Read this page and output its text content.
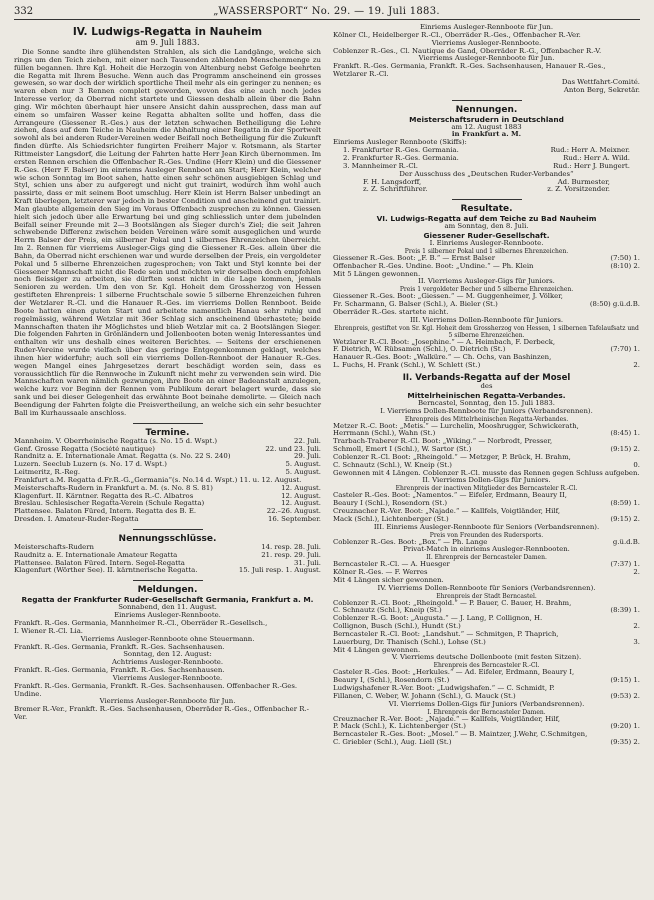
332	„WASSERSPORT“ No. 29. — 19. Juli 1883.
IV. Ludwigs-Regatta in Nauheim
am 9. Juli 1883.

Die Sonne sandte ihre glühendsten Strahlen, als sich die Landgänge, welche sich rings um den Teich ziehen, mit einer nach Tausenden zählenden Menschenmenge zu füllen begannen. Ihre Kgl. Hoheit die Herzogin von Altenburg nebst Gefolge beehrten die Regatta mit Ihrem Besuche. Wenn auch das Programm anscheinend ein grosses gewesen, so war doch der wirklich sportliche Theil mehr als ein geringer zu nennen; es waren eben nur 3 Rennen complett geworden, wovon das eine auch noch jedes Interesse verlor, da Oberrad nicht startete und Giessen deshalb allein über die Bahn ging. Wir möchten überhaupt hier unsere Ansicht dahin aussprechen, dass man auf einem so umfairen Wasser keine Regatta abhalten sollte und hoffen, dass die Arrangeure (Giessener R.-Ges.) aus der letzten schwachen Betheiligung die Lehre ziehen, dass auf dem Teiche in Nauheim die Abhaltung einer Regatta in der Sportwelt sowohl als bei anderen Ruder-Vereinen weder Beifall noch Betheiligung für die Zukunft finden dürfte. Als Schiedsrichter fungirten Freiherr Major v. Rotsmann, als Starter Rittmeister Langsdorf, die Leitung der Fahrten hatte Herr Jean Kirch übernommen. Im ersten Rennen erschien die Offenbacher R.-Ges. Undine (Herr Klein) und die Giessener R.-Ges. (Herr F. Balser) im einriems Ausleger Rennboot am Start; Herr Klein, welcher wie schon Sonntag im Boot sahen, hatte einen sehr schönen ausgiebigen Schlag und Styl, schien uns aber zu aufgeregt und nicht gut trainirt, wodurch ihm wohl auch passirte, dass er mit seinem Boot umschlug. Herr Klein ist Herrn Balser unbedingt an Kraft überlegen, letzterer war jedoch in bester Condition und anscheinend gut trainirt. Man glaubte allgemein den Sieg im Voraus Offenbach zusprechen zu können. Giessen hielt sich jedoch über alle Erwartung bei und ging schliesslich unter dem jubelnden Beifall seiner Freunde mit 2—3 Bootslängen als Sieger durch's Ziel; die seit Jahren schwebende Differenz zwischen beiden Vereinen wäre somit ausgeglichen und wurde Herrn Balser der Preis, ein silberner Pokal und 1 silbernes Ehrenzeichen überreicht. Im 2. Rennen für vierriems Ausleger-Gigs ging die Giessener R.-Ges. allein über die Bahn, da Oberrad nicht erschienen war und wurde derselben der Preis, ein vergoldeter Pokal und 5 silberne Ehrenzeichen zugesprochen; von Takt und Styl konnte bei der Giessener Mannschaft nicht die Rede sein und möchten wir derselben doch empfohlen noch fleissiger zu arbeiten, sie dürften sonst nicht in die Lage kommen, jemals Senioren zu werden. Um den von Sr. Kgl. Hoheit dem Grossherzog von Hessen gestifteten Ehrenpreis: 1 silberne Fruchtschale sowie 5 silberne Ehrenzeichen fuhren der Wetzlarer R.-Cl. und die Hanauer R.-Ges. im vierriems Dollen Rennboot. Beide Boote hatten einen guten Start und arbeitete namentlich Hanau sehr ruhig und regelmässig, während Wetzlar mit 36er Schlag sich anscheinend überhastete; beide Mannschaften thaten ihr Möglichstes und blieb Wetzlar mit ca. 2 Bootslängen Sieger. Die folgenden Fahrten in Grönländern und Jollenbooten boten wenig Interessantes und enthalten wir uns deshalb eines weiteren Berichtes. — Seitens der erschienenen Ruder-Vereine wurde vielfach über das geringe Entgegenkommen geklagt, welches ihnen hier widerfuhr; auch soll ein vierriems Dollen-Rennboot der Hanauer R.-Ges. wegen Mangel eines Jahrgesetzes derart beschädigt worden sein, dass es voraussichtlich für die Rennwoche in Zukunft nicht mehr zu verwenden sein wird. Die Mannschaften waren nämlich gezwungen, ihre Boote an einer Badeanstalt anzulegen, welche kurz vor Beginn der Rennen vom Publikum derart belagert wurde, dass sie sank und bei dieser Gelegenheit das erwähnte Boot beinahe demolirte. — Gleich nach Beendigung der Fahrten folgte die Preisvertheilung, an welche sich ein sehr besuchter Ball im Kurhaussaale anschloss.

Termine.
Mannheim. V. Oberrheinische Regatta (s. No. 15 d. Wspt.)	22. Juli.
Genf. Grosse Regatta (Société nautique)	22. und 23. Juli.
Randnitz a. E. Internationale Amat. Regatta (s. No. 22 S. 240)	29. Juli.
Luzern. Seeclub Luzern (s. No. 17 d. Wspt.)	5. August.
Leitmeritz, R.-Reg.	5. August.
Frankfurt a.M. Regatta d.Fr.R.-G.„Germania“(s. No.14 d. Wspt.) 11. u. 12. August.
Meisterschafts-Rudern in Frankfurt a. M. (s. No. 8 S. 81)	12. August.
Klagenfurt. II. Kärntner. Regatta des R.-C. Albatros	12. August.
Breslau. Schlesischer Regatta-Verein (Schule Regatta)	12. August.
Plattensee. Balaton Füred, Intern. Regatta des B. E.	22.–26. August.
Dresden. I. Amateur-Ruder-Regatta	16. September.
Nennungsschlüsse.
Meisterschafts-Rudern	14. resp. 28. Juli.
Raudnitz a. E. Internationale Amateur Regatta	21. resp. 29. Juli.
Plattensee. Balaton Füred. Intern. Segel-Regatta	31. Juli.
Klagenfurt (Wörther See). II. kärntnerische Regatta.	15. Juli resp. 1. August.
Meldungen.
Regatta der Frankfurter Ruder-Gesellschaft Germania, Frankfurt a. M.
Sonnabend, den 11. August.
Einriems Ausleger-Rennboote.
Frankft. R.-Ges. Germania, Mannheimer R.-Cl., Oberräder R.-Gesellsch.,
I. Wiener R.-Cl. Lia.
Vierriems Ausleger-Rennboote ohne Steuermann.
Frankft. R.-Ges. Germania, Frankft. R.-Ges. Sachsenhausen.
Sonntag, den 12. August:
Achtriems Ausleger-Rennboote.
Frankft. R.-Ges. Germania, Frankft. R.-Ges. Sachsenhausen.
Vierriems Ausleger-Rennboote.
Frankft. R.-Ges. Germania, Frankft. R.-Ges. Sachsenhausen. Offenbacher R.-Ges. Undine.
Vierriems Ausleger-Rennboote für Jun.
Bremer R.-Ver., Frankft. R.-Ges. Sachsenhausen, Oberräder R.-Ges., Offenbacher R.-Ver.
Einriems Ausleger-Rennboote für Jun.
Kölner Cl., Heidelberger R.-Cl., Oberräder R.-Ges., Offenbacher R.-Ver.
Vierriems Ausleger-Rennboote.
Coblenzer R.-Ges., Cl. Nautique de Gand, Oberräder R.-G., Offenbacher R.-V.
Vierriems Ausleger-Rennboote für Jun.
Frankft. R.-Ges. Germania, Frankft. R.-Ges. Sachsenhausen, Hanauer R.-Ges., Wetzlarer R.-Cl.
Das Wettfahrt-Comité.
Anton Berg, Sekretär.
Nennungen.
Meisterschaftsrudern in Deutschland
am 12. August 1883
in Frankfurt a. M.
Einriems Ausleger Rennboote (Skiffs):
1. Frankfurter R.-Ges. Germania.	Rud.: Herr A. Meixner.
2. Frankfurter R.-Ges. Germania.	Rud.: Herr A. Wild.
3. Mannheimer R.-Cl.	Rud.: Herr J. Bungert.
Der Ausschuss des „Deutschen Ruder-Verbandes“
F. H. Langsdorff,	Ad. Burmester,
z. Z. Schriftführer.	z. Z. Vorsitzender.
Resultate.
VI. Ludwigs-Regatta auf dem Teiche zu Bad Nauheim
am Sonntag, den 8. Juli.
Giessener Ruder-Gesellschaft.
I. Einriems Ausleger-Rennboote.
Preis 1 silberner Pokal und 1 silbernes Ehrenzeichen.
Giessener R.-Ges. Boot: „F. B.“ — Ernst Balser	(7:50) 1.
Offenbacher R.-Ges. Undine. Boot: „Undine.“ — Ph. Klein	(8:10) 2.
Mit 5 Längen gewonnen.
II. Vierriems Ausleger-Gigs für Juniors.
Preis 1 vergoldeter Becher und 5 silberne Ehrenzeichen.
Giessener R.-Ges. Boot: „Giessen.“ — M. Guggenheimer, J. Völker,
Fr. Scharmann, G. Balser (Schl.), A. Bieler (St.)	(8:50) g.ü.d.B.
Oberräder R.-Ges. startete nicht.
III. Vierriems Dollen-Rennboote für Juniors.
Ehrenpreis, gestiftet von Sr. Kgl. Hoheit dem Grossherzog von Hessen, 1 silbernen Tafelaufsatz und 5 silberne Ehrenzeichen.
Wetzlarer R.-Cl. Boot: „Josephine.“ — A. Heimbach, F. Derbeck,
F. Dietrich, W. Rübsamen (Schl.), O. Dietrich (St.)	(7:70) 1.
Hanauer R.-Ges. Boot: „Walküre.“ — Ch. Ochs, van Bashinzen,
L. Fuchs, H. Frank (Schl.), W. Schlett (St.)	2.
II. Verbands-Regatta auf der Mosel
des
Mittelrheinischen Regatta-Verbandes.
Berncastel, Sonntag, den 15. Juli 1883.
I. Vierriems Dollen-Rennboote für Juniors (Verbandsrennen).
Ehrenpreis des Mittelrheinischen Regatta-Verbandes.
Metzer R.-C. Boot: „Metis.“ — Lurchelin, Mooshrugger, Schwickerath,
Herrmann (Schl.), Wahn (St.)	(8:45) 1.
Trarbach-Traberer R.-Cl. Boot: „Wiking.“ — Norbrodt, Presser,
Schmoll, Emert I (Schl.), W. Sartor (St.)	(9:15) 2.
Coblenzer R.-Cl. Boot: „Rheingold.“ — Metzger, P. Brück, H. Brahm,
C. Schnautz (Schl.), W. Kneip (St.)	0.
Gewonnen mit 4 Längen. Coblenzer R.-Cl. musste das Rennen gegen Schluss aufgeben.
II. Vierriems Dollen-Gigs für Juniors.
Ehrenpreis der inactiven Mitglieder des Berncasteler R.-Cl.
Casteler R.-Ges. Boot: „Namentos.“ — Eifeler, Erdmann, Beaury II,
Beaury I (Schl.), Rosendorn (St.)	(8:59) 1.
Creuznacher R.-Ver. Boot: „Najade.“ — Kallfels, Voigtländer, Hilf,
Mack (Schl.), Lichtenberger (St.)	(9:15) 2.
III. Einriems Ausleger-Rennboote für Seniors (Verbandsrennen).
Preis von Freunden des Rudersports.
Coblenzer R.-Ges. Boot: „Box.“ — Ph. Lange	g.ü.d.B.
Privat-Match in einriems Ausleger-Rennbooten.
II. Ehrenpreis der Berncasteler Damen.
Berncasteler R.-Cl. — A. Huesger	(7:37) 1.
Kölner R.-Ges. — F. Werres	2.
Mit 4 Längen sicher gewonnen.
IV. Vierriems Dollen-Rennboote für Seniors (Verbandsrennen).
Ehrenpreis der Stadt Berncastel.
Coblenzer R.-Cl. Boot: „Rheingold.“ — P. Bauer, C. Bauer, H. Brahm,
C. Schnautz (Schl.), Kneip (St.)	(8:39) 1.
Coblenzer R.-G. Boot: „Augusta.“ — J. Lang, P. Collignon, H.
Collignon, Busch (Schl.), Hundt (St.)	2.
Berncasteler R.-Cl. Boot: „Landshut.“ — Schmitgen, P. Thaprich,
Lauerburg, Dr. Thanisch (Schl.), Lohse (St.)	3.
Mit 4 Längen gewonnen.
V. Vierriems deutsche Dollenboote (mit festen Sitzen).
Ehrenpreis des Berncasteler R.-Cl.
Casteler R.-Ges. Boot: „Herkules.“ — Ad. Eifeler, Erdmann, Beaury I,
Beaury I, (Schl.), Rosendorn (St.)	(9:15) 1.
Ludwigshafener R.-Ver. Boot: „Ludwigshafen.“ — C. Schmidt, P.
Fillanen, C. Weber, W. Johann (Schl.), G. Mauck (St.)	(9:53) 2.
VI. Vierriems Dollen-Gigs für Juniors (Verbandsrennen).
I. Ehrenpreis der Berncasteler Damen.
Creuznacher R.-Ver. Boot: „Najade.“ — Kallfels, Voigtländer, Hilf,
P. Mack (Schl.), K. Lichtenberger (St.)	(9:20) 1.
Berncasteler R.-Ges. Boot: „Mosel.“ — B. Maintzer, J.Wehr, C.Schmitgen,
C. Griebler (Schl.), Aug. Liell (St.)	(9:35) 2.
